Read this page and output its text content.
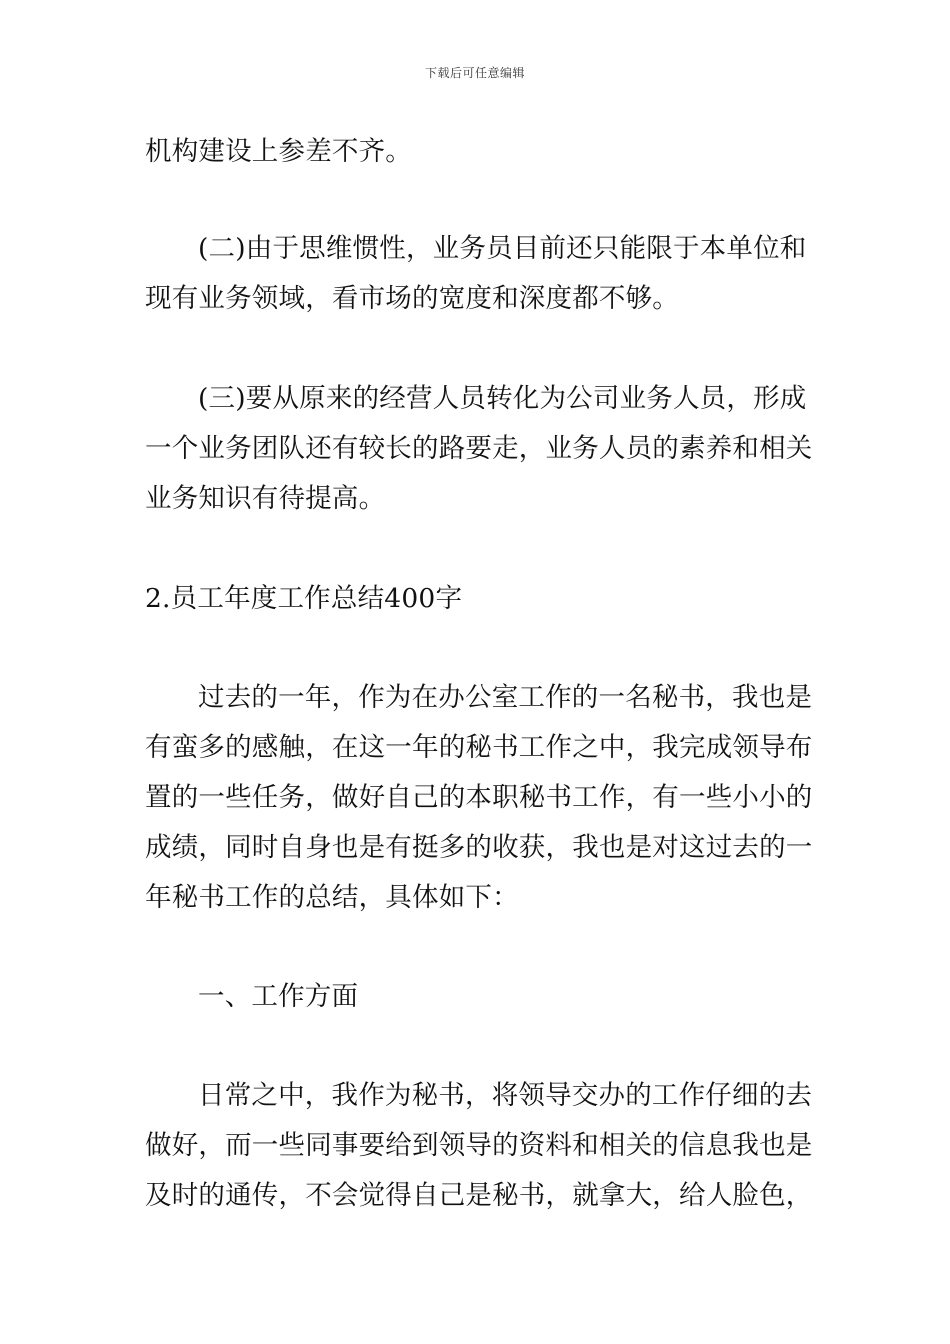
下载后可任意编辑
机构建设上参差不齐。
(二)由于思维惯性，业务员目前还只能限于本单位和
现有业务领域，看市场的宽度和深度都不够。
(三)要从原来的经营人员转化为公司业务人员，形成
一个业务团队还有较长的路要走，业务人员的素养和相关
业务知识有待提高。
2.员工年度工作总结400字
过去的一年，作为在办公室工作的一名秘书，我也是
有蛮多的感触，在这一年的秘书工作之中，我完成领导布
置的一些任务，做好自己的本职秘书工作，有一些小小的
成绩，同时自身也是有挺多的收获，我也是对这过去的一
年秘书工作的总结，具体如下：
一、工作方面
日常之中，我作为秘书，将领导交办的工作仔细的去
做好，而一些同事要给到领导的资料和相关的信息我也是
及时的通传，不会觉得自己是秘书，就拿大，给人脸色，
